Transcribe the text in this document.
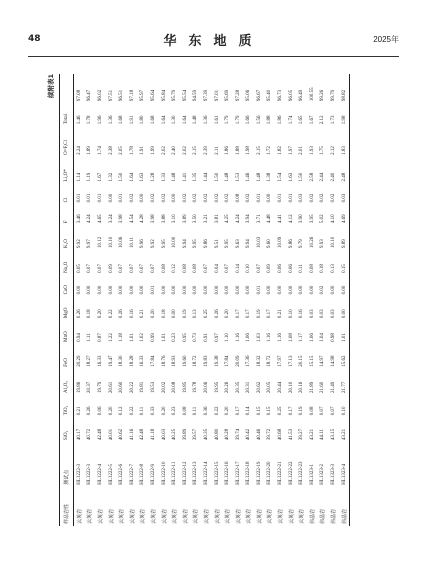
48	华东地质	2025年
续附表1
样品岩性	测试点	SiO₂	TiO₂	Al₂O₃	FeO	MnO	MgO	CaO	Na₂O	K₂O	F	Cl	Li₂O*	O=F,Cl	Total	
云英岩	HL1222-3	40.17	0.21	19.86	20.29	0.94	0.26	0.00	0.05	9.92	3.46	0.01	1.14	2.24	1.46	97.08
云英岩	HL1222-3	40.72	0.26	20.37	18.27	1.11	0.18	0.00	0.07	9.97	4.24	0.01	1.19	1.89	1.78	96.47
云英岩	HL1222-4	42.48	0.06	19.79	16.33	0.87	0.20	0.00	0.07	10.12	4.65	0.01	1.67	1.74	1.96	96.02
云英岩	HL1222-5	40.01	0.20	20.61	19.47	1.22	0.22	0.00	0.09	10.10	3.24	0.00	1.32	2.38	1.36	97.51
云英岩	HL1222-6	40.62	0.12	20.60	18.30	1.18	0.26	0.00	0.07	10.06	3.98	0.01	1.50	2.05	1.68	96.51
云英岩	HL1222-7	41.16	0.22	20.22	18.28	1.01	0.16	0.00	0.07	10.11	4.54	0.02	1.64	1.78	1.91	97.18
云英岩	HL1222-8	42.48	0.11	19.81	16.33	1.02	0.21	0.00	0.07	9.96	4.28	0.00	1.63	1.91	1.80	95.97
云英岩	HL1222-9	41.18	0.33	19.53	17.84	0.99	0.20	0.01	0.07	9.92	3.98	0.02	1.28	1.99	1.68	95.64
云英岩	HL1222-10	40.03	0.20	20.02	18.76	1.01	0.18	0.00	0.08	9.95	3.88	0.02	1.33	2.02	1.64	95.84
云英岩	HL1222-11	40.25	0.23	20.08	18.93	0.23	0.00	0.00	0.12	10.00	3.10	0.00	1.48	2.40	1.30	95.79
云英岩	HL1222-12	39.89	0.08	19.85	19.60	0.95	0.19	0.00	0.08	9.94	3.89	0.02	1.41	2.02	1.64	95.54
云英岩	HL1222-13	39.57	0.11	19.78	18.72	0.73	0.13	0.00	0.08	9.95	3.50	0.02	1.35	2.15	1.48	94.59
云英岩	HL1222-14	40.35	0.36	20.06	19.83	0.91	0.25	0.00	0.07	9.86	3.21	0.02	1.44	2.39	1.36	97.39
云英岩	HL1222-15	40.80	0.22	19.95	19.38	0.97	0.26	0.00	0.04	9.51	3.81	0.02	1.50	2.11	1.61	97.01
云英岩	HL1222-16	40.28	0.20	20.26	17.84	1.10	0.20	0.00	0.07	9.95	4.25	0.02	1.48	1.86	1.79	95.69
云英岩	HL1222-17	39.74	0.17	20.35	20.09	1.16	0.17	0.00	0.14	9.63	4.24	0.08	1.53	1.88	1.79	97.28
云英岩	HL1222-18	40.42	0.14	20.31	17.36	1.06	0.17	0.00	0.10	9.94	3.94	0.02	1.46	1.98	1.66	95.06
云英岩	HL1222-19	40.46	0.15	20.62	18.32	1.03	0.19	0.01	0.07	10.03	3.71	0.01	1.48	2.15	1.56	96.67
云英岩	HL1222-20	39.72	0.15	20.05	18.72	1.16	0.17	0.00	0.09	9.60	4.48	0.00	1.38	1.72	1.88	95.40
云英岩	HL1222-21	40.68	0.25	20.44	17.97	1.16	0.21	0.00	0.06	10.09	4.41	0.01	1.54	1.82	1.86	96.73
云英岩	HL1222-22	41.53	0.17	20.10	17.13	1.08	0.10	0.00	0.06	9.86	4.12	0.01	1.63	1.97	1.74	96.05
云英岩	HL1222-23	39.27	0.19	20.16	20.15	1.17	0.16	0.00	0.11	9.79	3.90	0.03	1.50	2.01	1.65	96.49
伟晶岩	HL1323-1	43.21	0.08	21.89	15.15	1.06	0.03	0.00	0.08	10.26	3.95	0.02	2.58	1.93	1.67	100.55
伟晶岩	HL1323-2	44.11	0.07	21.60	14.97	1.04	0.03	0.02	0.18	9.93	5.02	0.02	2.44	1.75	2.12	99.26
伟晶岩	HL1323-3	43.15	0.07	21.49	14.98	0.98	0.03	0.00	0.13	10.10	4.10	0.02	2.40	2.12	1.73	99.79
伟晶岩	HL1323-4	43.21	0.10	21.77	15.62	1.01	0.00	0.00	0.15	9.89	4.69	0.03	2.48	1.83	1.98	98.82
